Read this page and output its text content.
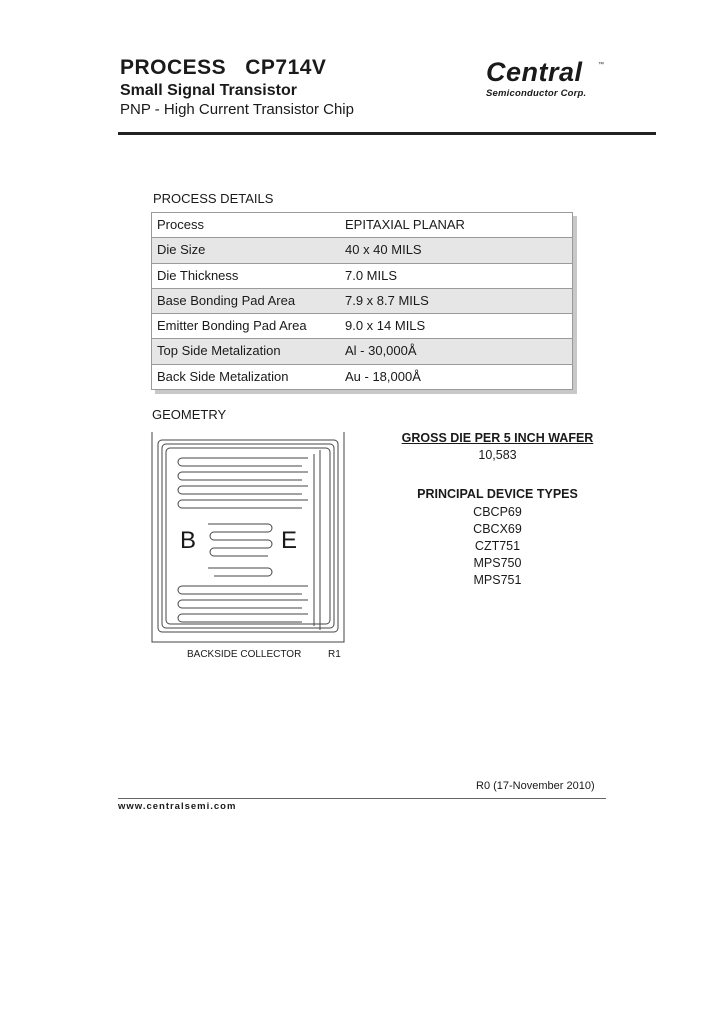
PROCESS CP714V
Small Signal Transistor
PNP - High Current Transistor Chip
Central	™
Semiconductor Corp.
PROCESS DETAILS
Process	EPITAXIAL PLANAR
Die Size	40 x 40 MILS
Die Thickness	7.0 MILS
Base Bonding Pad Area	7.9 x 8.7 MILS
Emitter Bonding Pad Area	9.0 x 14 MILS
Top Side Metalization	Al - 30,000Å
Back Side Metalization	Au - 18,000Å
GEOMETRY
B	E
BACKSIDE COLLECTOR	R1
GROSS DIE PER 5 INCH WAFER
10,583
PRINCIPAL DEVICE TYPES
CBCP69
CBCX69
CZT751
MPS750
MPS751
R0 (17-November 2010)
www.centralsemi.com
